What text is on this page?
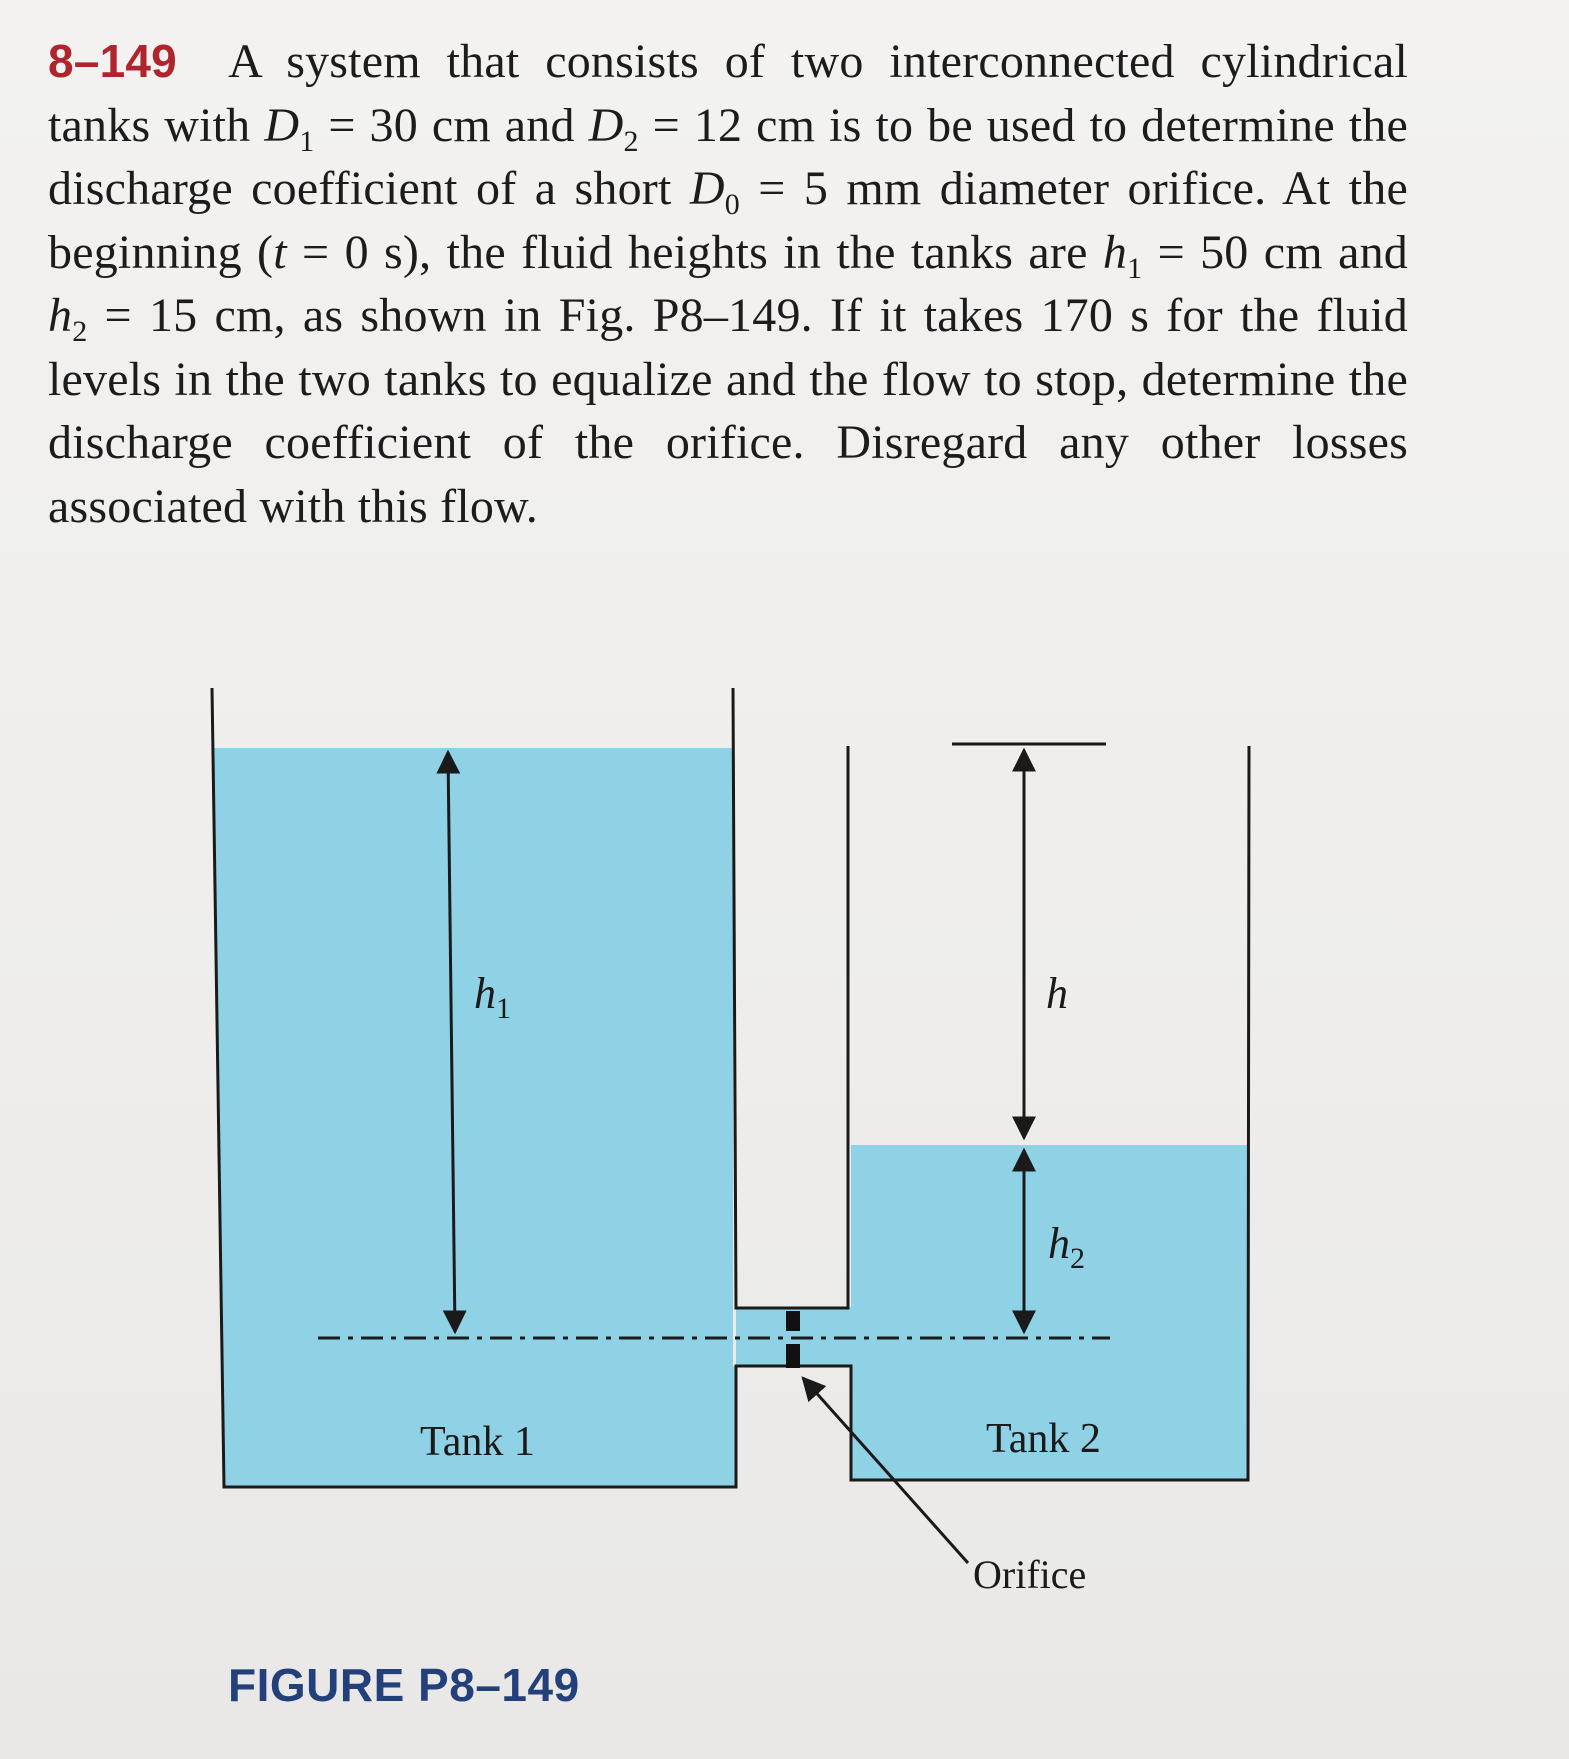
8–149 A system that consists of two interconnected cylindrical tanks with $D_1 = 30$ cm and $D_2 = 12$ cm is to be used to determine the discharge coefficient of a short $D_0 = 5$ mm diameter orifice. At the beginning (t = 0 s), the fluid heights in the tanks are $h_1 = 50$ cm and $h_2 = 15$ cm, as shown in Fig. P8–149. If it takes 170 s for the fluid levels in the two tanks to equalize and the flow to stop, determine the discharge coefficient of the orifice. Disregard any other losses associated with this flow.
$h_1$	h
$h_2$
Tank 1	Tank 2
Orifice
FIGURE P8–149
